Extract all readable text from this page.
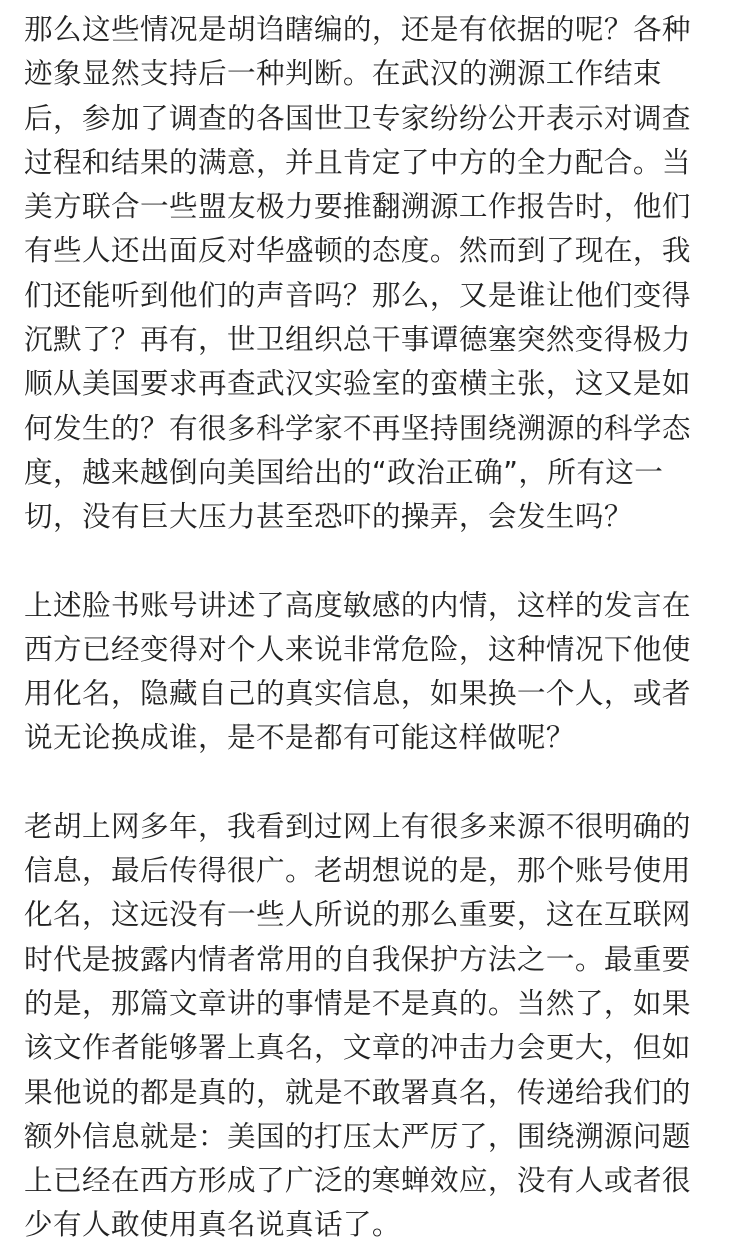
那么这些情况是胡诌瞎编的，还是有依据的呢？各种
迹象显然支持后一种判断。在武汉的溯源工作结束
后，参加了调查的各国世卫专家纷纷公开表示对调查
过程和结果的满意，并且肯定了中方的全力配合。当
美方联合一些盟友极力要推翻溯源工作报告时，他们
有些人还出面反对华盛顿的态度。然而到了现在，我
们还能听到他们的声音吗？那么，又是谁让他们变得
沉默了？再有，世卫组织总干事谭德塞突然变得极力
顺从美国要求再查武汉实验室的蛮横主张，这又是如
何发生的？有很多科学家不再坚持围绕溯源的科学态
度，越来越倒向美国给出的“政治正确”，所有这一
切，没有巨大压力甚至恐吓的操弄，会发生吗？

上述脸书账号讲述了高度敏感的内情，这样的发言在
西方已经变得对个人来说非常危险，这种情况下他使
用化名，隐藏自己的真实信息，如果换一个人，或者
说无论换成谁，是不是都有可能这样做呢？

老胡上网多年，我看到过网上有很多来源不很明确的
信息，最后传得很广。老胡想说的是，那个账号使用
化名，这远没有一些人所说的那么重要，这在互联网
时代是披露内情者常用的自我保护方法之一。最重要
的是，那篇文章讲的事情是不是真的。当然了，如果
该文作者能够署上真名，文章的冲击力会更大，但如
果他说的都是真的，就是不敢署真名，传递给我们的
额外信息就是：美国的打压太严厉了，围绕溯源问题
上已经在西方形成了广泛的寒蝉效应，没有人或者很
少有人敢使用真名说真话了。
